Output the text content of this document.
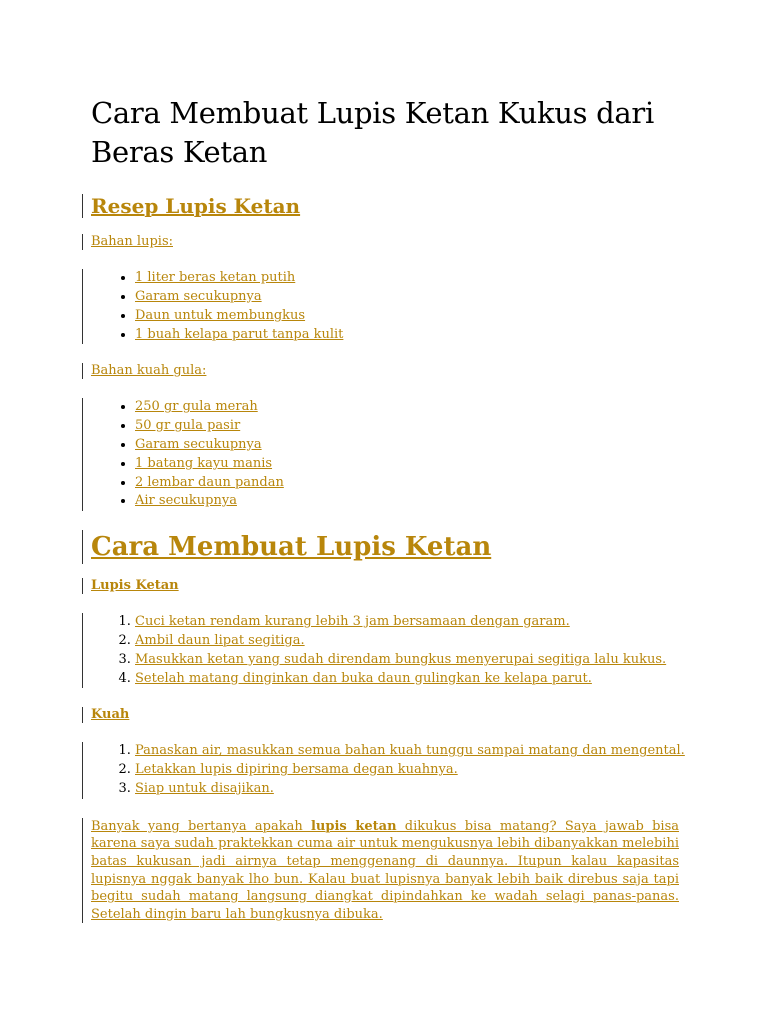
Cara Membuat Lupis Ketan Kukus dari Beras Ketan
Resep Lupis Ketan
Bahan lupis:
• 1 liter beras ketan putih
• Garam secukupnya
• Daun untuk membungkus
• 1 buah kelapa parut tanpa kulit
Bahan kuah gula:
• 250 gr gula merah
• 50 gr gula pasir
• Garam secukupnya
• 1 batang kayu manis
• 2 lembar daun pandan
• Air secukupnya
Cara Membuat Lupis Ketan
Lupis Ketan
1. Cuci ketan rendam kurang lebih 3 jam bersamaan dengan garam.
2. Ambil daun lipat segitiga.
3. Masukkan ketan yang sudah direndam bungkus menyerupai segitiga lalu kukus.
4. Setelah matang dinginkan dan buka daun gulingkan ke kelapa parut.
Kuah
1. Panaskan air, masukkan semua bahan kuah tunggu sampai matang dan mengental.
2. Letakkan lupis dipiring bersama degan kuahnya.
3. Siap untuk disajikan.

Banyak yang bertanya apakah lupis ketan dikukus bisa matang? Saya jawab bisa karena saya sudah praktekkan cuma air untuk mengukusnya lebih dibanyakkan melebihi batas kukusan jadi airnya tetap menggenang di daunnya. Itupun kalau kapasitas lupisnya nggak banyak lho bun. Kalau buat lupisnya banyak lebih baik direbus saja tapi begitu sudah matang langsung diangkat dipindahkan ke wadah selagi panas-panas. Setelah dingin baru lah bungkusnya dibuka.
